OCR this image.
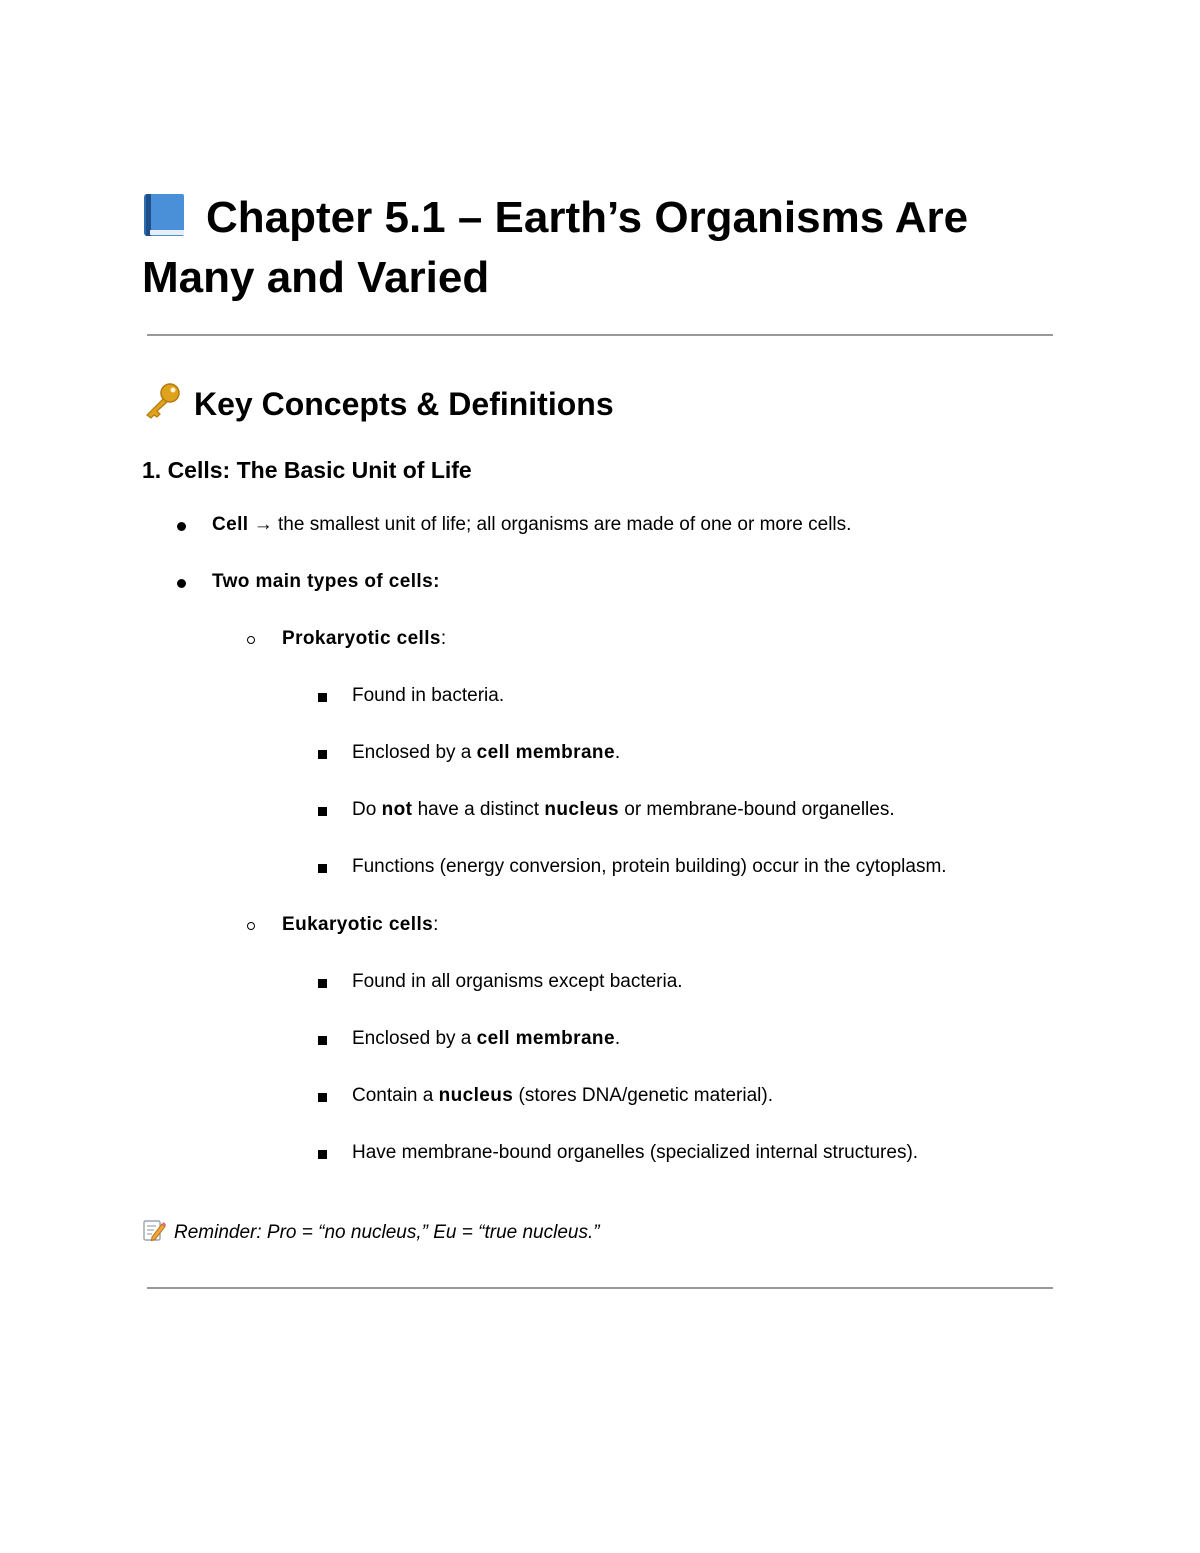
Chapter 5.1 – Earth’s Organisms Are Many and Varied
Key Concepts & Definitions
1. Cells: The Basic Unit of Life
Cell → the smallest unit of life; all organisms are made of one or more cells.
Two main types of cells:
Prokaryotic cells:
Found in bacteria.
Enclosed by a cell membrane.
Do not have a distinct nucleus or membrane-bound organelles.
Functions (energy conversion, protein building) occur in the cytoplasm.
Eukaryotic cells:
Found in all organisms except bacteria.
Enclosed by a cell membrane.
Contain a nucleus (stores DNA/genetic material).
Have membrane-bound organelles (specialized internal structures).
Reminder: Pro = “no nucleus,” Eu = “true nucleus.”
